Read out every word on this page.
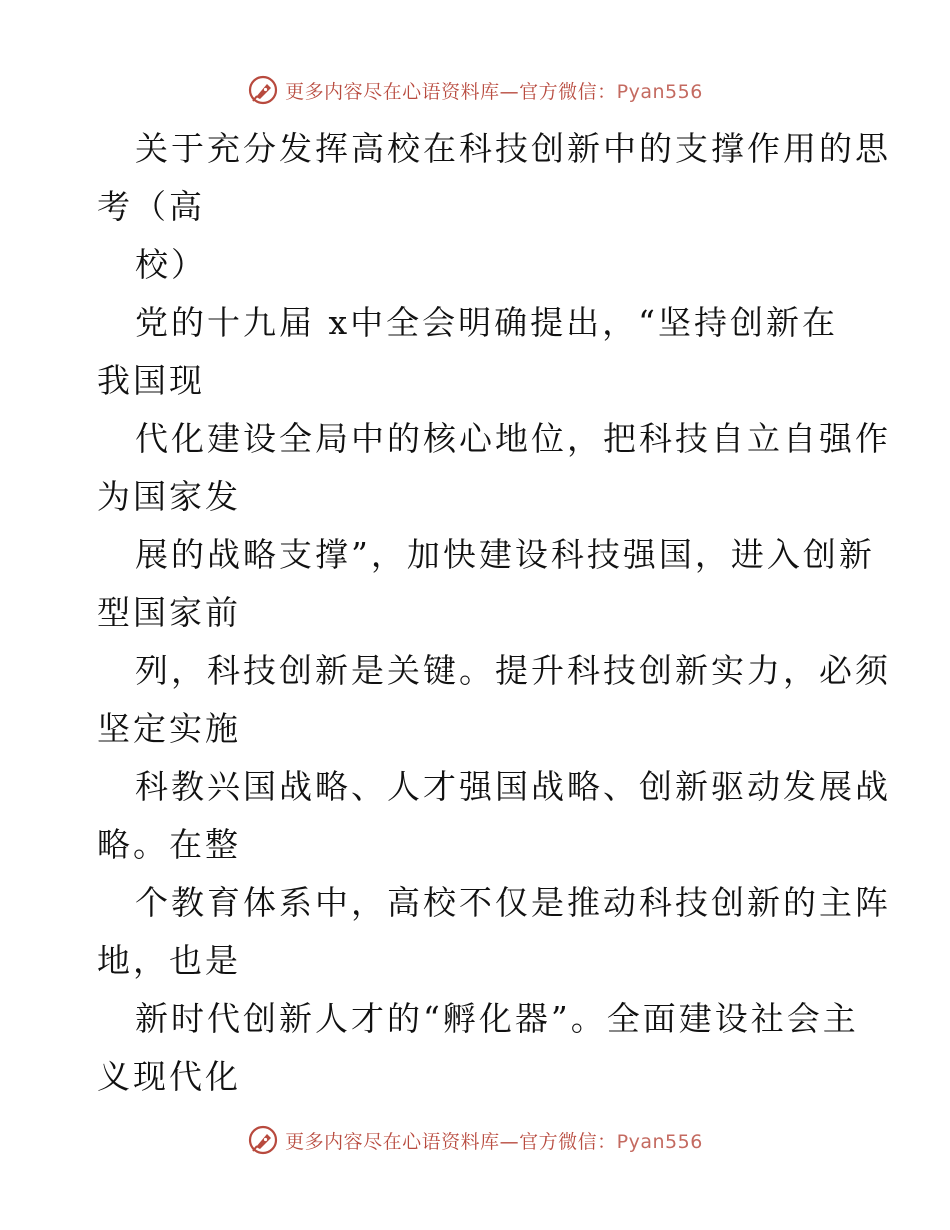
更多内容尽在心语资料库—官方微信：Pyan556
关于充分发挥高校在科技创新中的支撑作用的思
考（高
校）
党的十九届 x中全会明确提出，“坚持创新在
我国现
代化建设全局中的核心地位，把科技自立自强作
为国家发
展的战略支撑”，加快建设科技强国，进入创新
型国家前
列，科技创新是关键。提升科技创新实力，必须
坚定实施
科教兴国战略、人才强国战略、创新驱动发展战
略。在整
个教育体系中，高校不仅是推动科技创新的主阵
地，也是
新时代创新人才的“孵化器”。全面建设社会主
义现代化
更多内容尽在心语资料库—官方微信：Pyan556
